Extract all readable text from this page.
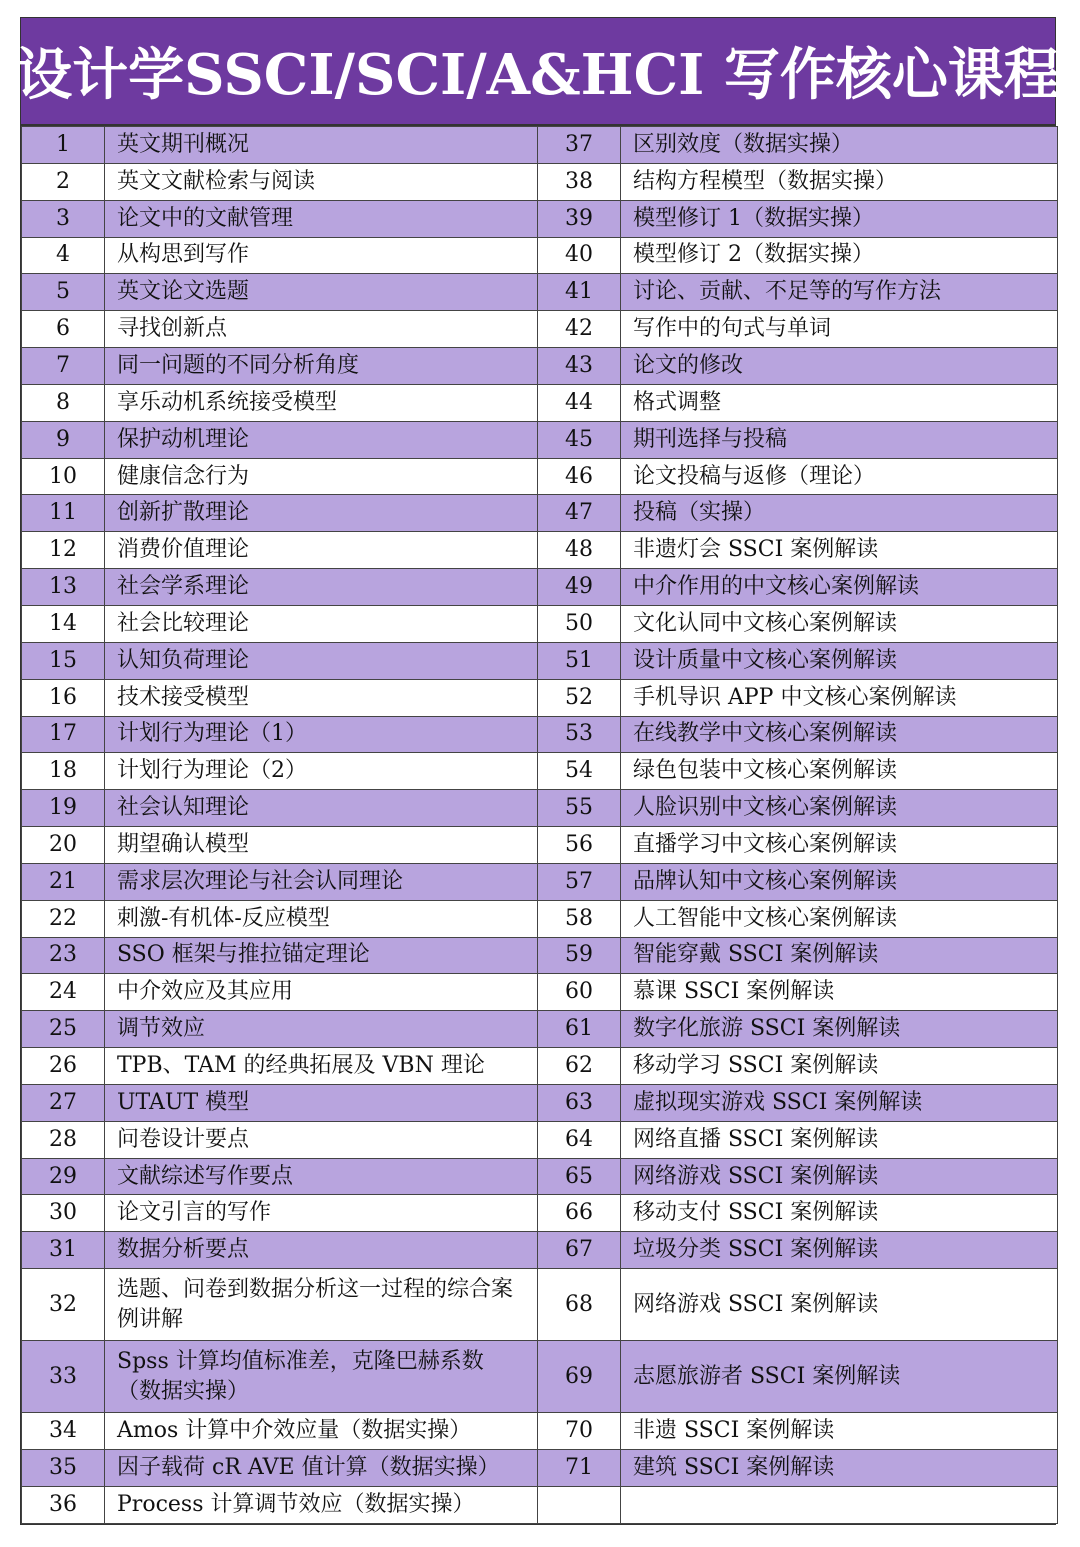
设计学SSCI/SCI/A&HCI 写作核心课程
1	英文期刊概况	37	区别效度（数据实操）
2	英文文献检索与阅读	38	结构方程模型（数据实操）
3	论文中的文献管理	39	模型修订 1（数据实操）
4	从构思到写作	40	模型修订 2（数据实操）
5	英文论文选题	41	讨论、贡献、不足等的写作方法
6	寻找创新点	42	写作中的句式与单词
7	同一问题的不同分析角度	43	论文的修改
8	享乐动机系统接受模型	44	格式调整
9	保护动机理论	45	期刊选择与投稿
10	健康信念行为	46	论文投稿与返修（理论）
11	创新扩散理论	47	投稿（实操）
12	消费价值理论	48	非遗灯会 SSCI 案例解读
13	社会学系理论	49	中介作用的中文核心案例解读
14	社会比较理论	50	文化认同中文核心案例解读
15	认知负荷理论	51	设计质量中文核心案例解读
16	技术接受模型	52	手机导识 APP 中文核心案例解读
17	计划行为理论（1）	53	在线教学中文核心案例解读
18	计划行为理论（2）	54	绿色包装中文核心案例解读
19	社会认知理论	55	人脸识别中文核心案例解读
20	期望确认模型	56	直播学习中文核心案例解读
21	需求层次理论与社会认同理论	57	品牌认知中文核心案例解读
22	刺激-有机体-反应模型	58	人工智能中文核心案例解读
23	SSO 框架与推拉锚定理论	59	智能穿戴 SSCI 案例解读
24	中介效应及其应用	60	慕课 SSCI 案例解读
25	调节效应	61	数字化旅游 SSCI 案例解读
26	TPB、TAM 的经典拓展及 VBN 理论	62	移动学习 SSCI 案例解读
27	UTAUT 模型	63	虚拟现实游戏 SSCI 案例解读
28	问卷设计要点	64	网络直播 SSCI 案例解读
29	文献综述写作要点	65	网络游戏 SSCI 案例解读
30	论文引言的写作	66	移动支付 SSCI 案例解读
31	数据分析要点	67	垃圾分类 SSCI 案例解读
32	选题、问卷到数据分析这一过程的综合案例讲解	68	网络游戏 SSCI 案例解读
33	Spss 计算均值标准差，克隆巴赫系数（数据实操）	69	志愿旅游者 SSCI 案例解读
34	Amos 计算中介效应量（数据实操）	70	非遗 SSCI 案例解读
35	因子载荷 cR AVE 值计算（数据实操）	71	建筑 SSCI 案例解读
36	Process 计算调节效应（数据实操）		
